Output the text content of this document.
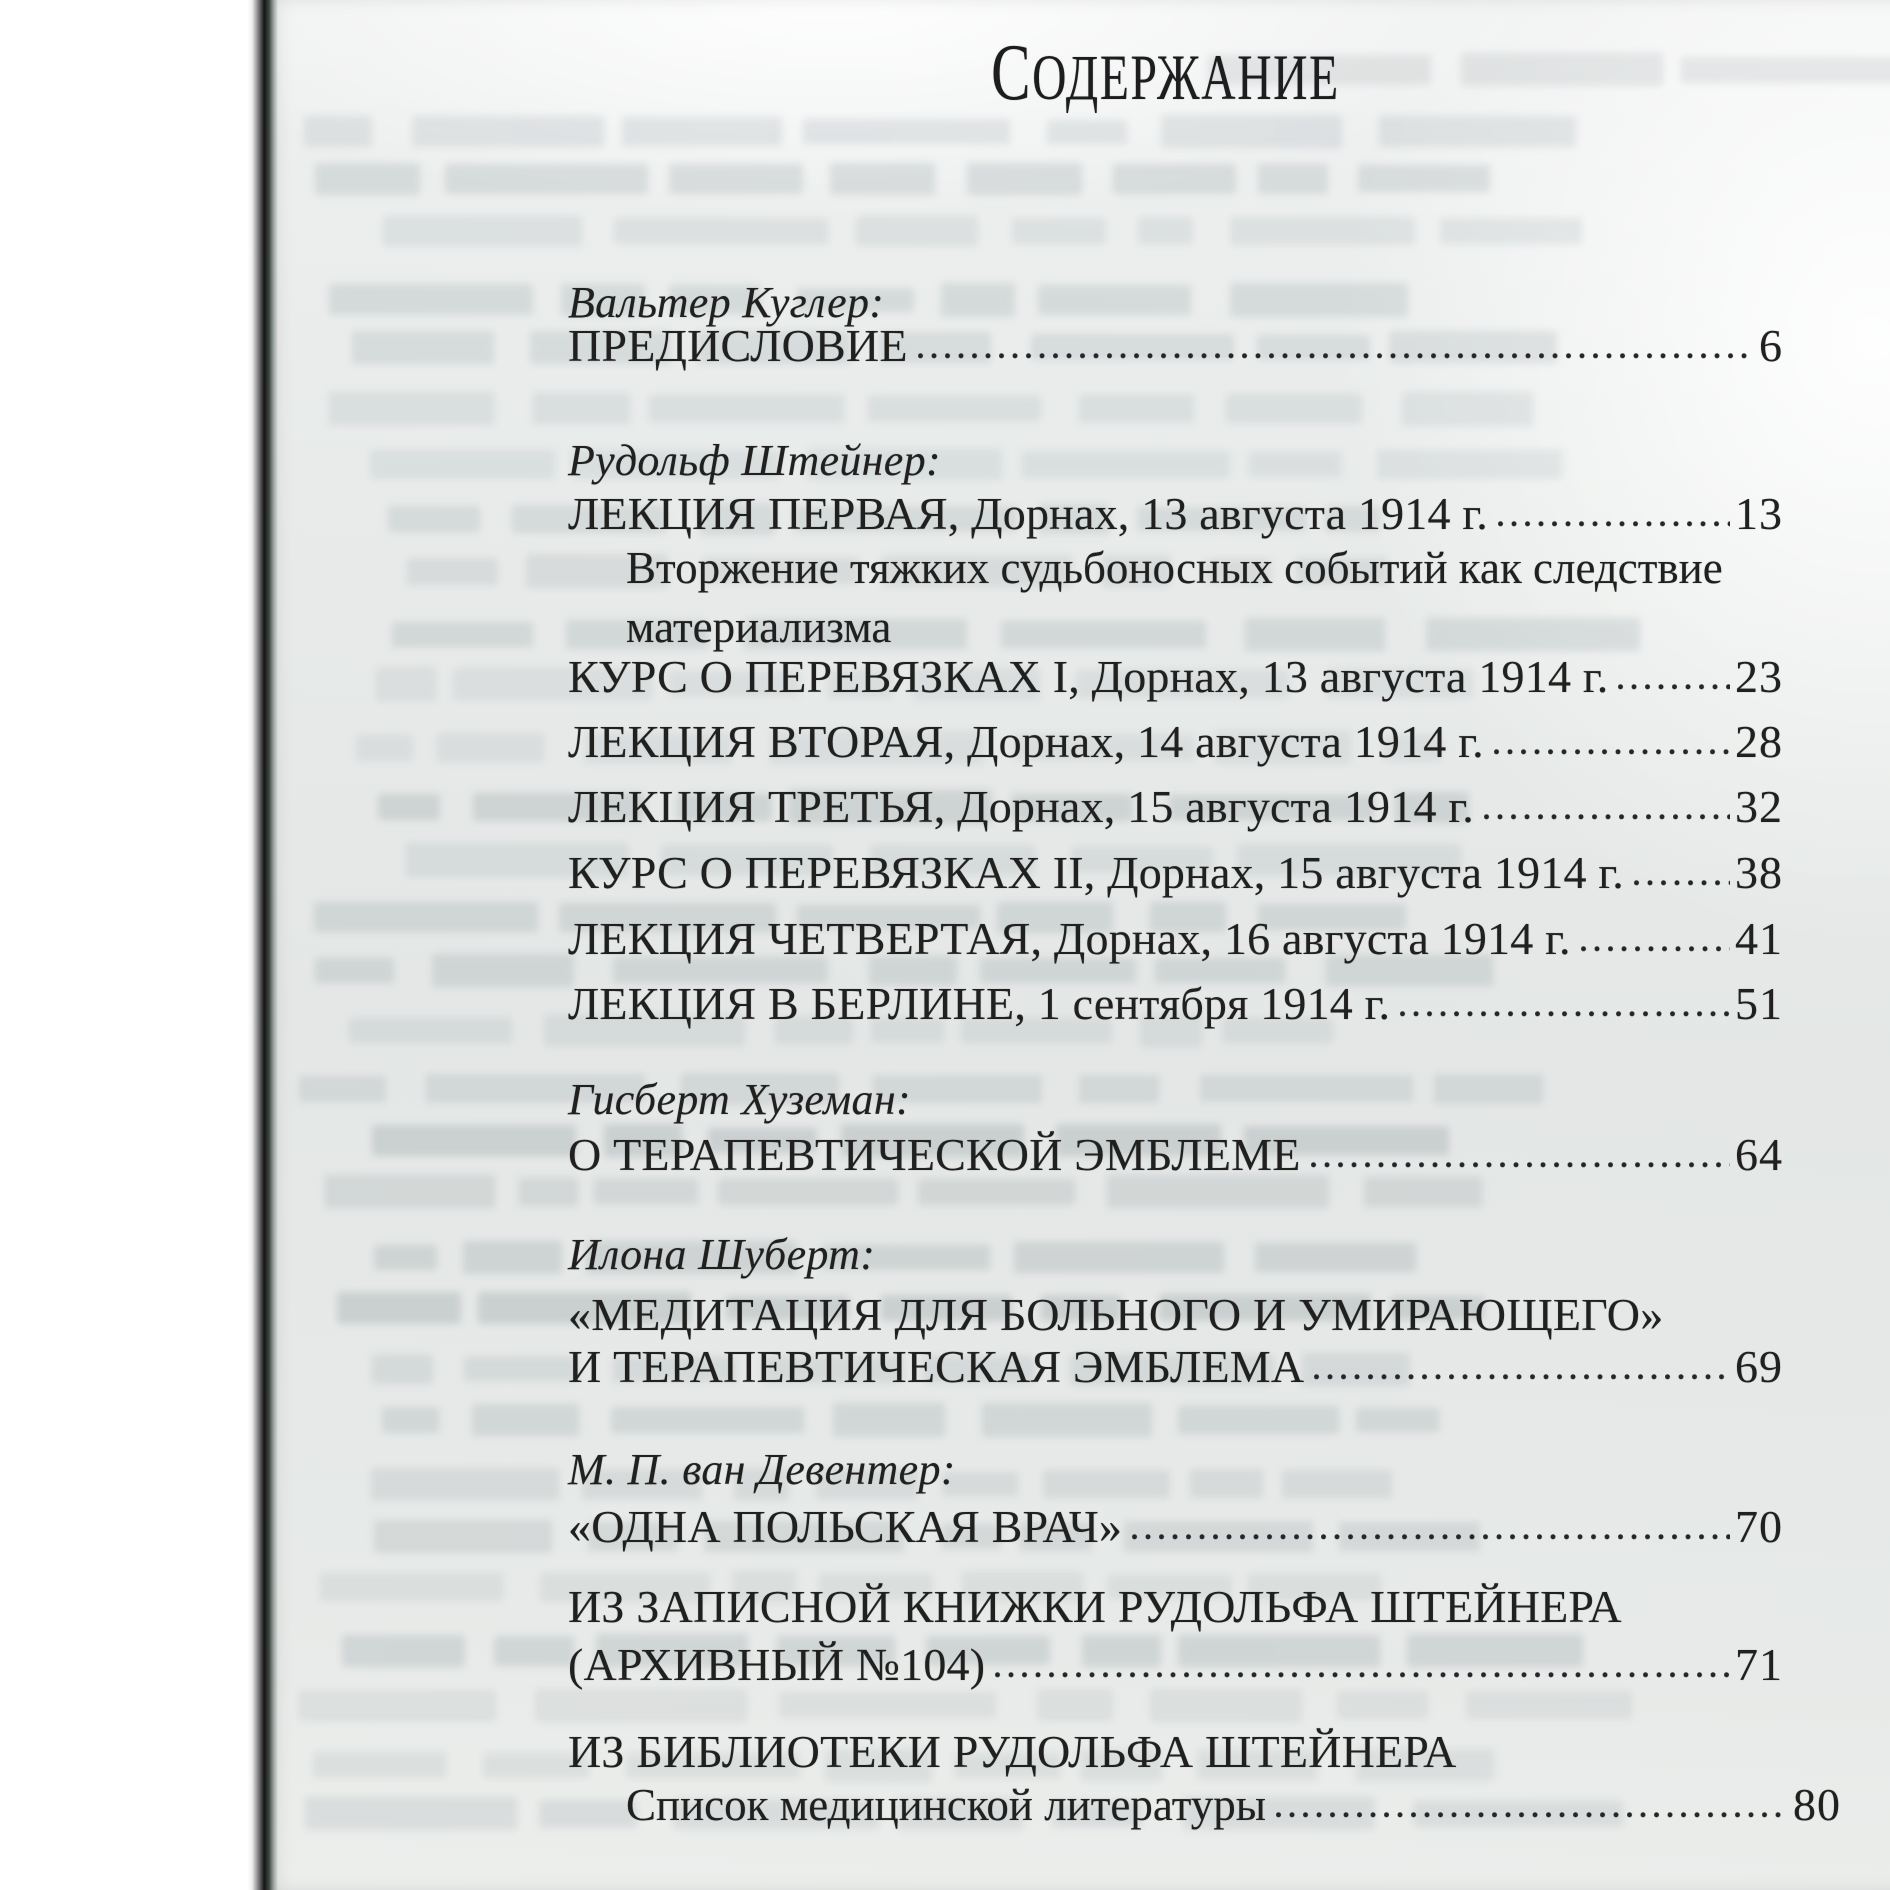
СОДЕРЖАНИЕ
Вальтер Куглер:
ПРЕДИСЛОВИЕ	6
Рудольф Штейнер:
ЛЕКЦИЯ ПЕРВАЯ, Дорнах, 13 августа 1914 г.	13
Вторжение тяжких судьбоносных событий как следствие
материализма
КУРС О ПЕРЕВЯЗКАХ I, Дорнах, 13 августа 1914 г.	23
ЛЕКЦИЯ ВТОРАЯ, Дорнах, 14 августа 1914 г.	28
ЛЕКЦИЯ ТРЕТЬЯ, Дорнах, 15 августа 1914 г.	32
КУРС О ПЕРЕВЯЗКАХ II, Дорнах, 15 августа 1914 г. 38
ЛЕКЦИЯ ЧЕТВЕРТАЯ, Дорнах, 16 августа 1914 г.	41
ЛЕКЦИЯ В БЕРЛИНЕ, 1 сентября 1914 г.	51
Гисберт Хуземан:
О ТЕРАПЕВТИЧЕСКОЙ ЭМБЛЕМЕ	64
Илона Шуберт:
«МЕДИТАЦИЯ ДЛЯ БОЛЬНОГО И УМИРАЮЩЕГО»
И ТЕРАПЕВТИЧЕСКАЯ ЭМБЛЕМА	69
М. П. ван Девентер:
«ОДНА ПОЛЬСКАЯ ВРАЧ»	70
ИЗ ЗАПИСНОЙ КНИЖКИ РУДОЛЬФА ШТЕЙНЕРА
(АРХИВНЫЙ №104)	71
ИЗ БИБЛИОТЕКИ РУДОЛЬФА ШТЕЙНЕРА
Список медицинской литературы	80
